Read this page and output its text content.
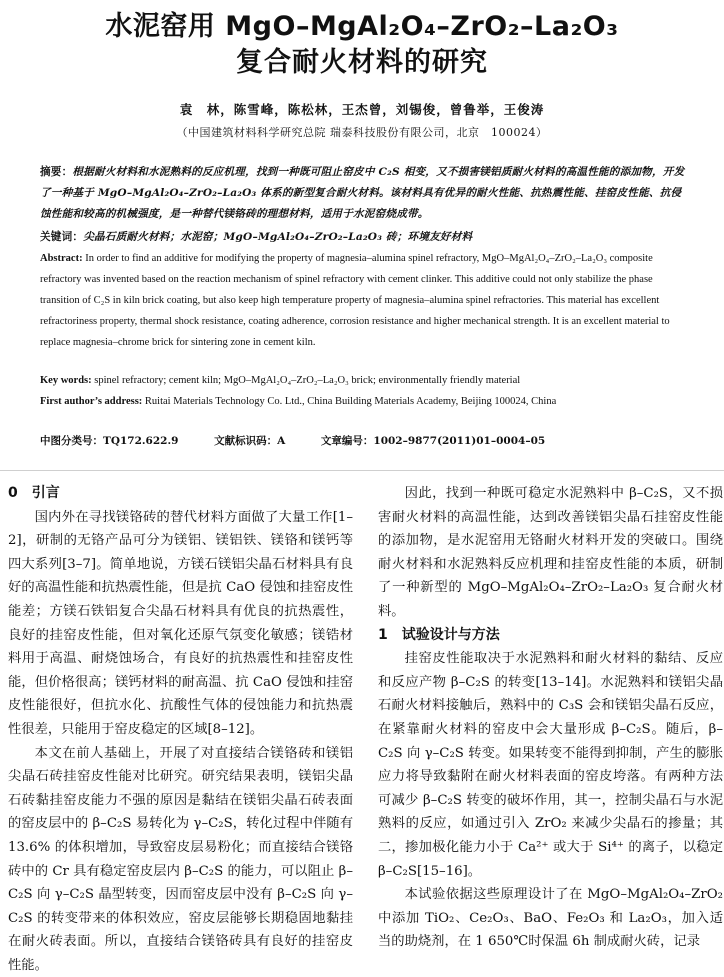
水泥窑用 MgO–MgAl₂O₄–ZrO₂–La₂O₃
复合耐火材料的研究
袁　林，陈雪峰，陈松林，王杰曾，刘锡俊，曾鲁举，王俊涛
（中国建筑材料科学研究总院 瑞泰科技股份有限公司，北京　100024）
摘要：根据耐火材料和水泥熟料的反应机理，找到一种既可阻止窑皮中 C₂S 相变，又不损害镁铝质耐火材料的高温性能的添加物，开发了一种基于 MgO–MgAl₂O₄–ZrO₂–La₂O₃ 体系的新型复合耐火材料。该材料具有优异的耐火性能、抗热震性能、挂窑皮性能、抗侵蚀性能和较高的机械强度，是一种替代镁铬砖的理想材料，适用于水泥窑烧成带。
关键词：尖晶石质耐火材料；水泥窑；MgO–MgAl₂O₄–ZrO₂–La₂O₃ 砖；环境友好材料
Abstract: In order to find an additive for modifying the property of magnesia–alumina spinel refractory, MgO–MgAl₂O₄–ZrO₂–La₂O₃ composite refractory was invented based on the reaction mechanism of spinel refractory with cement clinker. This additive could not only stabilize the phase transition of C₂S in kiln brick coating, but also keep high temperature property of magnesia–alumina spinel refractories. This material has excellent refractoriness property, thermal shock resistance, coating adherence, corrosion resistance and higher mechanical strength. It is an excellent material to replace magnesia–chrome brick for sintering zone in cement kiln.
Key words: spinel refractory; cement kiln; MgO–MgAl₂O₄–ZrO₂–La₂O₃ brick; environmentally friendly material
First author’s address: Ruitai Materials Technology Co. Ltd., China Building Materials Academy, Beijing 100024, China
中图分类号：TQ172.622.9	文献标识码：A	文章编号：1002–9877(2011)01–0004–05
0　引言
国内外在寻找镁铬砖的替代材料方面做了大量工作[1–2]，研制的无铬产品可分为镁铝、镁铝铁、镁铬和镁钙等四大系列[3–7]。简单地说，方镁石镁铝尖晶石材料具有良好的高温性能和抗热震性能，但是抗 CaO 侵蚀和挂窑皮性能差；方镁石铁铝复合尖晶石材料具有优良的抗热震性，良好的挂窑皮性能，但对氧化还原气氛变化敏感；镁锆材料用于高温、耐烧蚀场合，有良好的抗热震性和挂窑皮性能，但价格很高；镁钙材料的耐高温、抗 CaO 侵蚀和挂窑皮性能很好，但抗水化、抗酸性气体的侵蚀能力和抗热震性很差，只能用于窑皮稳定的区域[8–12]。
本文在前人基础上，开展了对直接结合镁铬砖和镁铝尖晶石砖挂窑皮性能对比研究。研究结果表明，镁铝尖晶石砖黏挂窑皮能力不强的原因是黏结在镁铝尖晶石砖表面的窑皮层中的 β–C₂S 易转化为 γ–C₂S，转化过程中伴随有 13.6% 的体积增加，导致窑皮层易粉化；而直接结合镁铬砖中的 Cr 具有稳定窑皮层内 β–C₂S 的能力，可以阻止 β–C₂S 向 γ–C₂S 晶型转变，因而窑皮层中没有 β–C₂S 向 γ–C₂S 的转变带来的体积效应，窑皮层能够长期稳固地黏挂在耐火砖表面。所以，直接结合镁铬砖具有良好的挂窑皮性能。
因此，找到一种既可稳定水泥熟料中 β–C₂S，又不损害耐火材料的高温性能，达到改善镁铝尖晶石挂窑皮性能的添加物，是水泥窑用无铬耐火材料开发的突破口。围绕耐火材料和水泥熟料反应机理和挂窑皮性能的本质，研制了一种新型的 MgO–MgAl₂O₄–ZrO₂–La₂O₃ 复合耐火材料。
1　试验设计与方法
挂窑皮性能取决于水泥熟料和耐火材料的黏结、反应和反应产物 β–C₂S 的转变[13–14]。水泥熟料和镁铝尖晶石耐火材料接触后，熟料中的 C₃S 会和镁铝尖晶石反应，在紧靠耐火材料的窑皮中会大量形成 β–C₂S。随后，β–C₂S 向 γ–C₂S 转变。如果转变不能得到抑制，产生的膨胀应力将导致黏附在耐火材料表面的窑皮垮落。有两种方法可减少 β–C₂S 转变的破坏作用，其一，控制尖晶石与水泥熟料的反应，如通过引入 ZrO₂ 来减少尖晶石的掺量；其二，掺加极化能力小于 Ca²⁺ 或大于 Si⁴⁺ 的离子，以稳定 β–C₂S[15–16]。
本试验依据这些原理设计了在 MgO–MgAl₂O₄–ZrO₂ 中添加 TiO₂、Ce₂O₃、BaO、Fe₂O₃ 和 La₂O₃，加入适当的助烧剂，在 1 650℃时保温 6h 制成耐火砖，记录
